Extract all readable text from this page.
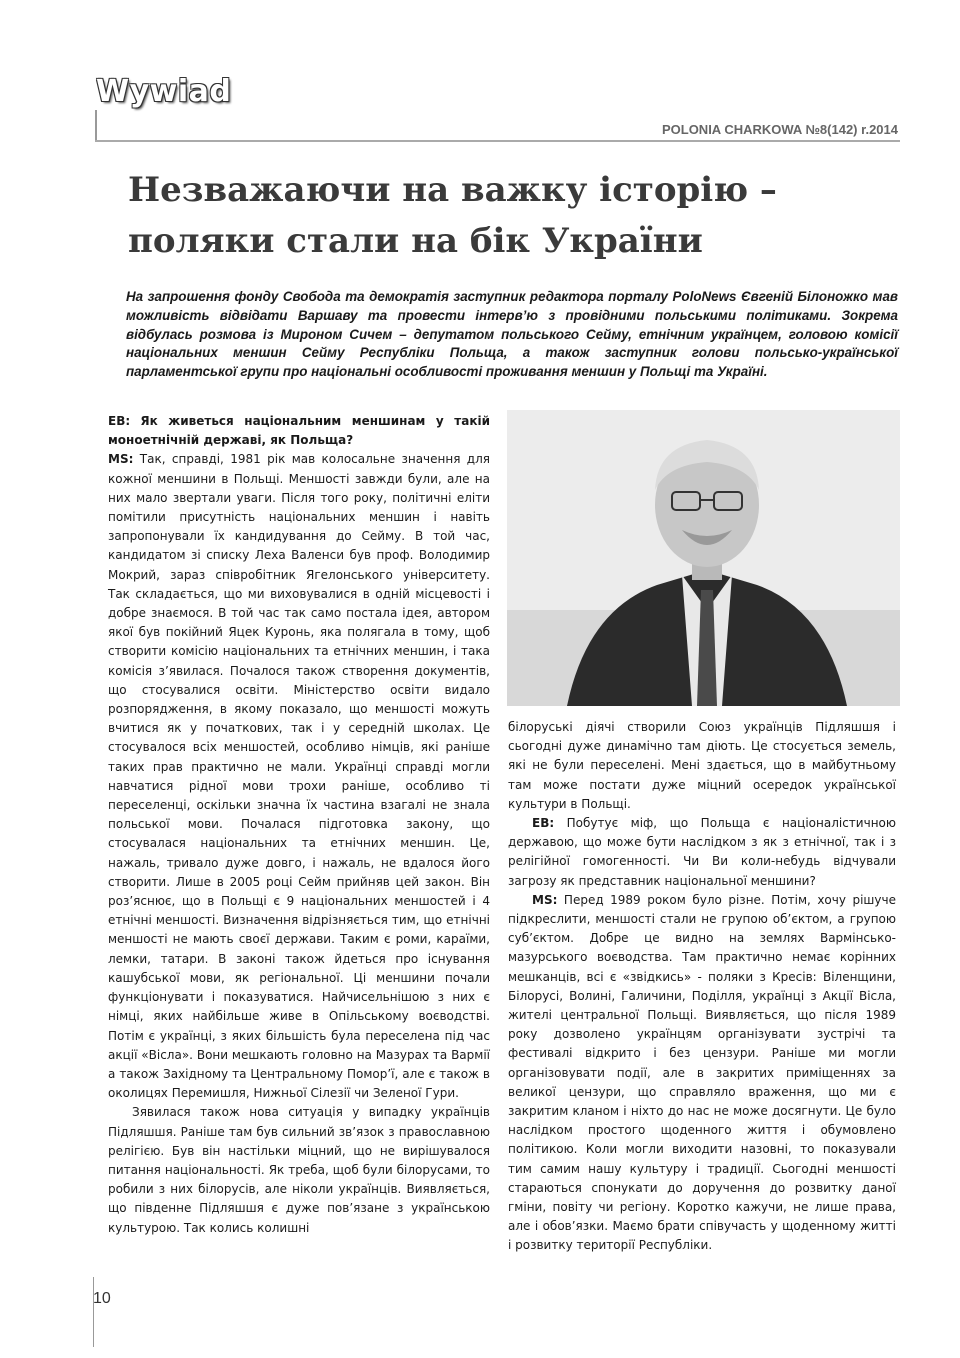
Wywiad
POLONIA CHARKOWA №8(142) r.2014
Незважаючи на важку історію – поляки стали на бік України

На запрошення фонду Свобода та демократія заступник редактора порталу PoloNews Євгеній Білоножко мав можливість відвідати Варшаву та провести інтерв’ю з провідними польськими політиками. Зокрема відбулась розмова із Мироном Сичем – депутатом польського Сейму, етнічним українцем, головою комісії національних меншин Сейму Республіки Польща, а також заступник голови польсько-української парламентської групи про національні особливості проживання меншин у Польщі та Україні.

ЕВ: Як живеться національним меншинам у такій моноетнічній державі, як Польща?

MS: Так, справді, 1981 рік мав колосальне значення для кожної меншини в Польщі. Меншості завжди були, але на них мало звертали уваги. Після того року, політичні еліти помітили присутність національних меншин і навіть запропонували їх кандидування до Сейму. В той час, кандидатом зі списку Леха Валенси був проф. Володимир Мокрий, зараз співробітник Ягелонського університету. Так складається, що ми виховувалися в одній місцевості і добре знаємося. В той час так само постала ідея, автором якої був покійний Яцек Куронь, яка полягала в тому, щоб створити комісію національних та етнічних меншин, і така комісія з’явилася. Почалося також створення документів, що стосувалися освіти. Міністерство освіти видало розпорядження, в якому показало, що меншості можуть вчитися як у початкових, так і у середній школах. Це стосувалося всіх меншостей, особливо німців, які раніше таких прав практично не мали. Українці справді могли навчатися рідної мови трохи раніше, особливо ті переселенці, оскільки значна їх частина взагалі не знала польської мови. Почалася підготовка закону, що стосувалася національних та етнічних меншин. Це, нажаль, тривало дуже довго, і нажаль, не вдалося його створити. Лише в 2005 році Сейм прийняв цей закон. Він роз’яснює, що в Польщі є 9 національних меншостей і 4 етнічні меншості. Визначення відрізняється тим, що етнічні меншості не мають своєї держави. Таким є роми, караїми, лемки, татари. В законі також йдеться про існування кашубської мови, як регіональної. Ці меншини почали функціонувати і показуватися. Найчисельнішою з них є німці, яких найбільше живе в Опільському воєводстві. Потім є українці, з яких більшість була переселена під час акції «Вісла». Вони мешкають головно на Мазурах та Вармії а також Західному та Центральному Помор’ї, але є також в околицях Перемишля, Нижньої Сілезії чи Зеленої Гури.

Зявилася також нова ситуація у випадку українців Підляшшя. Раніше там був сильний зв’язок з православною релігією. Був він настільки міцний, що не вирішувалося питання національності. Як треба, щоб були білорусами, то робили з них білорусів, але ніколи українців. Виявляється, що південне Підляшшя є дуже пов’язане з українською культурою. Так колись колишні

білоруські діячі створили Союз українців Підляшшя і сьогодні дуже динамічно там діють. Це стосується земель, які не були переселені. Мені здається, що в майбутньому там може постати дуже міцний осередок української культури в Польщі.

ЕВ: Побутує міф, що Польща є націоналістичною державою, що може бути наслідком з як з етнічної, так і з релігійної гомогенності. Чи Ви коли-небудь відчували загрозу як представник національної меншини?

MS: Перед 1989 роком було різне. Потім, хочу рішуче підкреслити, меншості стали не групою об’єктом, а групою суб’єктом. Добре це видно на землях Вармінсько-мазурського воєводства. Там практично немає корінних мешканців, всі є «звідкись» - поляки з Кресів: Віленщини, Білорусі, Волині, Галичини, Поділля, українці з Акції Вісла, жителі центральної Польщі. Виявляється, що після 1989 року дозволено українцям організувати зустрічі та фестивалі відкрито і без цензури. Раніше ми могли організовувати події, але в закритих приміщеннях за великої цензури, що справляло враження, що ми є закритим кланом і ніхто до нас не може досягнути. Це було наслідком простого щоденного життя і обумовлено політикою. Коли могли виходити назовні, то показували тим самим нашу культуру і традиції. Сьогодні меншості стараються спонукати до доручення до розвитку даної гміни, повіту чи регіону. Коротко кажучи, не лише права, але і обов’язки. Маємо брати співучасть у щоденному житті і розвитку території Республіки.

10
